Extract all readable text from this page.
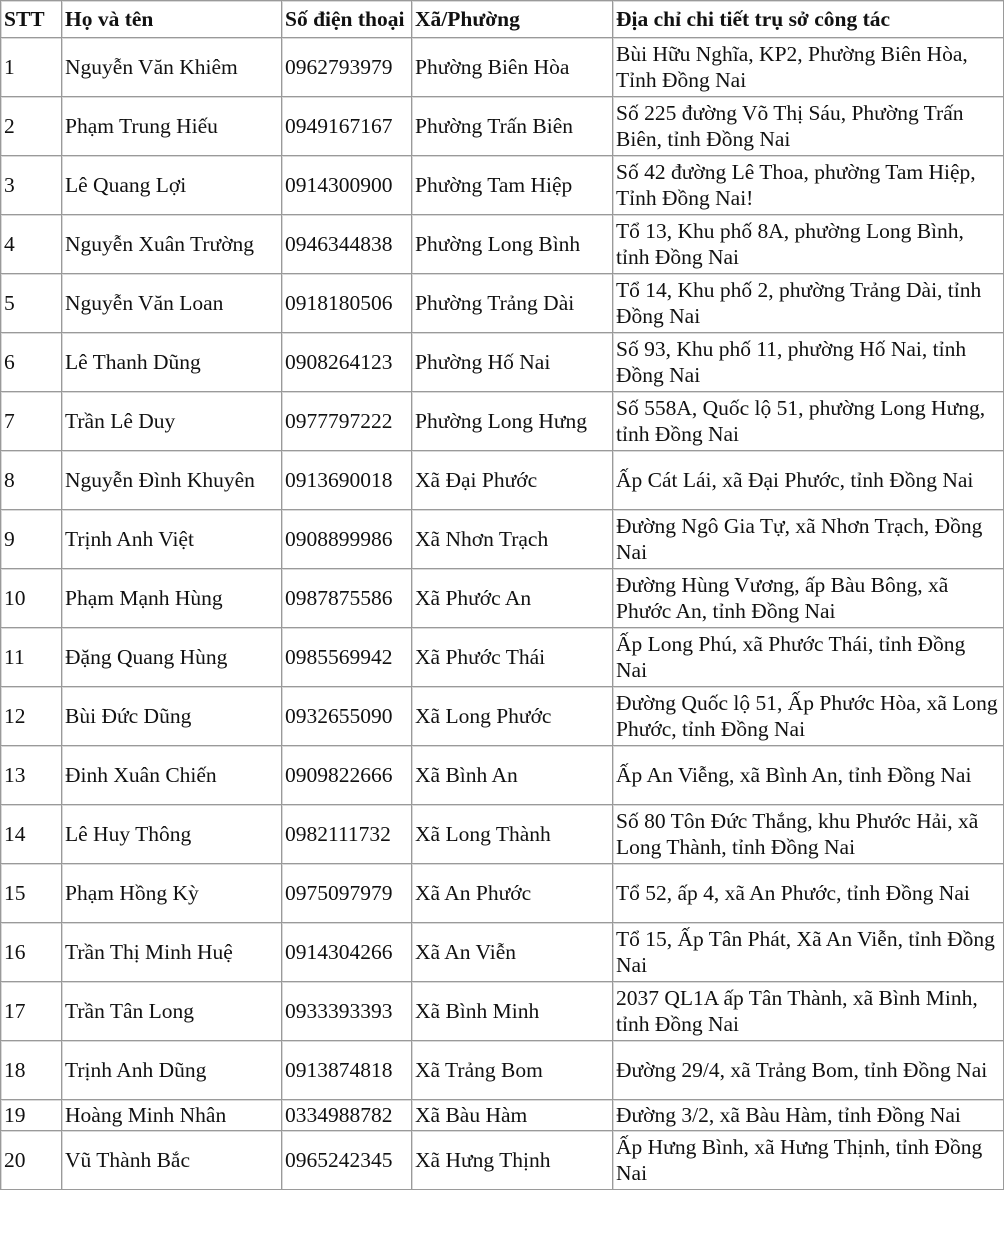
STT	Họ và tên	Số điện thoại	Xã/Phường	Địa chỉ chi tiết trụ sở công tác
1	Nguyễn Văn Khiêm	0962793979	Phường Biên Hòa	Bùi Hữu Nghĩa, KP2, Phường Biên Hòa, Tỉnh Đồng Nai
2	Phạm Trung Hiếu	0949167167	Phường Trấn Biên	Số 225 đường Võ Thị Sáu, Phường Trấn Biên, tỉnh Đồng Nai
3	Lê Quang Lợi	0914300900	Phường Tam Hiệp	Số 42 đường Lê Thoa, phường Tam Hiệp, Tỉnh Đồng Nai!
4	Nguyễn Xuân Trường	0946344838	Phường Long Bình	Tổ 13, Khu phố 8A, phường Long Bình, tỉnh Đồng Nai
5	Nguyễn Văn Loan	0918180506	Phường Trảng Dài	Tổ 14, Khu phố 2, phường Trảng Dài, tỉnh Đồng Nai
6	Lê Thanh Dũng	0908264123	Phường Hố Nai	Số 93, Khu phố 11, phường Hố Nai, tỉnh Đồng Nai
7	Trần Lê Duy	0977797222	Phường Long Hưng	Số 558A, Quốc lộ 51, phường Long Hưng, tỉnh Đồng Nai
8	Nguyễn Đình Khuyên	0913690018	Xã Đại Phước	Ấp Cát Lái, xã Đại Phước, tỉnh Đồng Nai
9	Trịnh Anh Việt	0908899986	Xã Nhơn Trạch	Đường Ngô Gia Tự, xã Nhơn Trạch, Đồng Nai
10	Phạm Mạnh Hùng	0987875586	Xã Phước An	Đường Hùng Vương, ấp Bàu Bông, xã Phước An, tỉnh Đồng Nai
11	Đặng Quang Hùng	0985569942	Xã Phước Thái	Ấp Long Phú, xã Phước Thái, tỉnh Đồng Nai
12	Bùi Đức Dũng	0932655090	Xã Long Phước	Đường Quốc lộ 51, Ấp Phước Hòa, xã Long Phước, tỉnh Đồng Nai
13	Đinh Xuân Chiến	0909822666	Xã Bình An	Ấp An Viễng, xã Bình An, tỉnh Đồng Nai
14	Lê Huy Thông	0982111732	Xã Long Thành	Số 80 Tôn Đức Thắng, khu Phước Hải, xã Long Thành, tỉnh Đồng Nai
15	Phạm Hồng Kỳ	0975097979	Xã An Phước	Tổ 52, ấp 4, xã An Phước, tỉnh Đồng Nai
16	Trần Thị Minh Huệ	0914304266	Xã An Viễn	Tổ 15, Ấp Tân Phát, Xã An Viễn, tỉnh Đồng Nai
17	Trần Tân Long	0933393393	Xã Bình Minh	2037 QL1A ấp Tân Thành, xã Bình Minh, tỉnh Đồng Nai
18	Trịnh Anh Dũng	0913874818	Xã Trảng Bom	Đường 29/4, xã Trảng Bom, tỉnh Đồng Nai
19	Hoàng Minh Nhân	0334988782	Xã Bàu Hàm	Đường 3/2, xã Bàu Hàm, tỉnh Đồng Nai
20	Vũ Thành Bắc	0965242345	Xã Hưng Thịnh	Ấp Hưng Bình, xã Hưng Thịnh, tỉnh Đồng Nai
